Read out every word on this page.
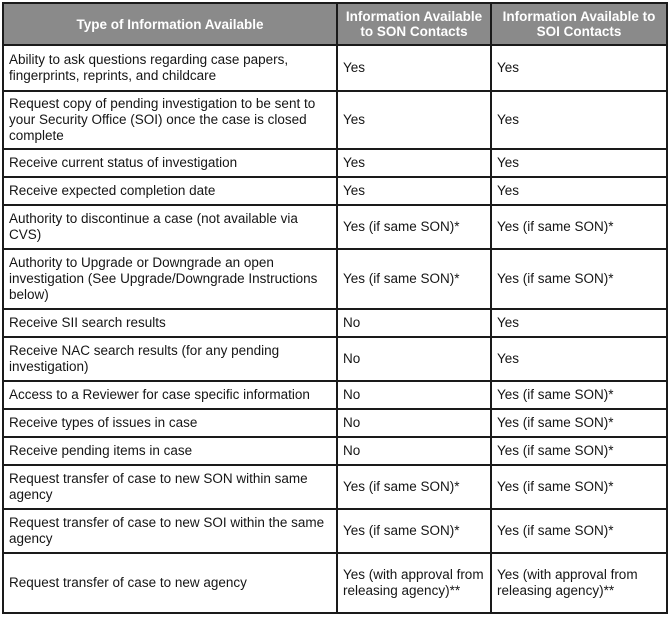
Type of Information Available	Information Available to SON Contacts	Information Available to SOI Contacts
Ability to ask questions regarding case papers, fingerprints, reprints, and childcare	Yes	Yes
Request copy of pending investigation to be sent to your Security Office (SOI) once the case is closed complete	Yes	Yes
Receive current status of investigation	Yes	Yes
Receive expected completion date	Yes	Yes
Authority to discontinue a case (not available via CVS)	Yes (if same SON)*	Yes (if same SON)*
Authority to Upgrade or Downgrade an open investigation (See Upgrade/Downgrade Instructions below)	Yes (if same SON)*	Yes (if same SON)*
Receive SII search results	No	Yes
Receive NAC search results (for any pending investigation)	No	Yes
Access to a Reviewer for case specific information	No	Yes (if same SON)*
Receive types of issues in case	No	Yes (if same SON)*
Receive pending items in case	No	Yes (if same SON)*
Request transfer of case to new SON within same agency	Yes (if same SON)*	Yes (if same SON)*
Request transfer of case to new SOI within the same agency	Yes (if same SON)*	Yes (if same SON)*
Request transfer of case to new agency	Yes (with approval from releasing agency)**	Yes (with approval from releasing agency)**
